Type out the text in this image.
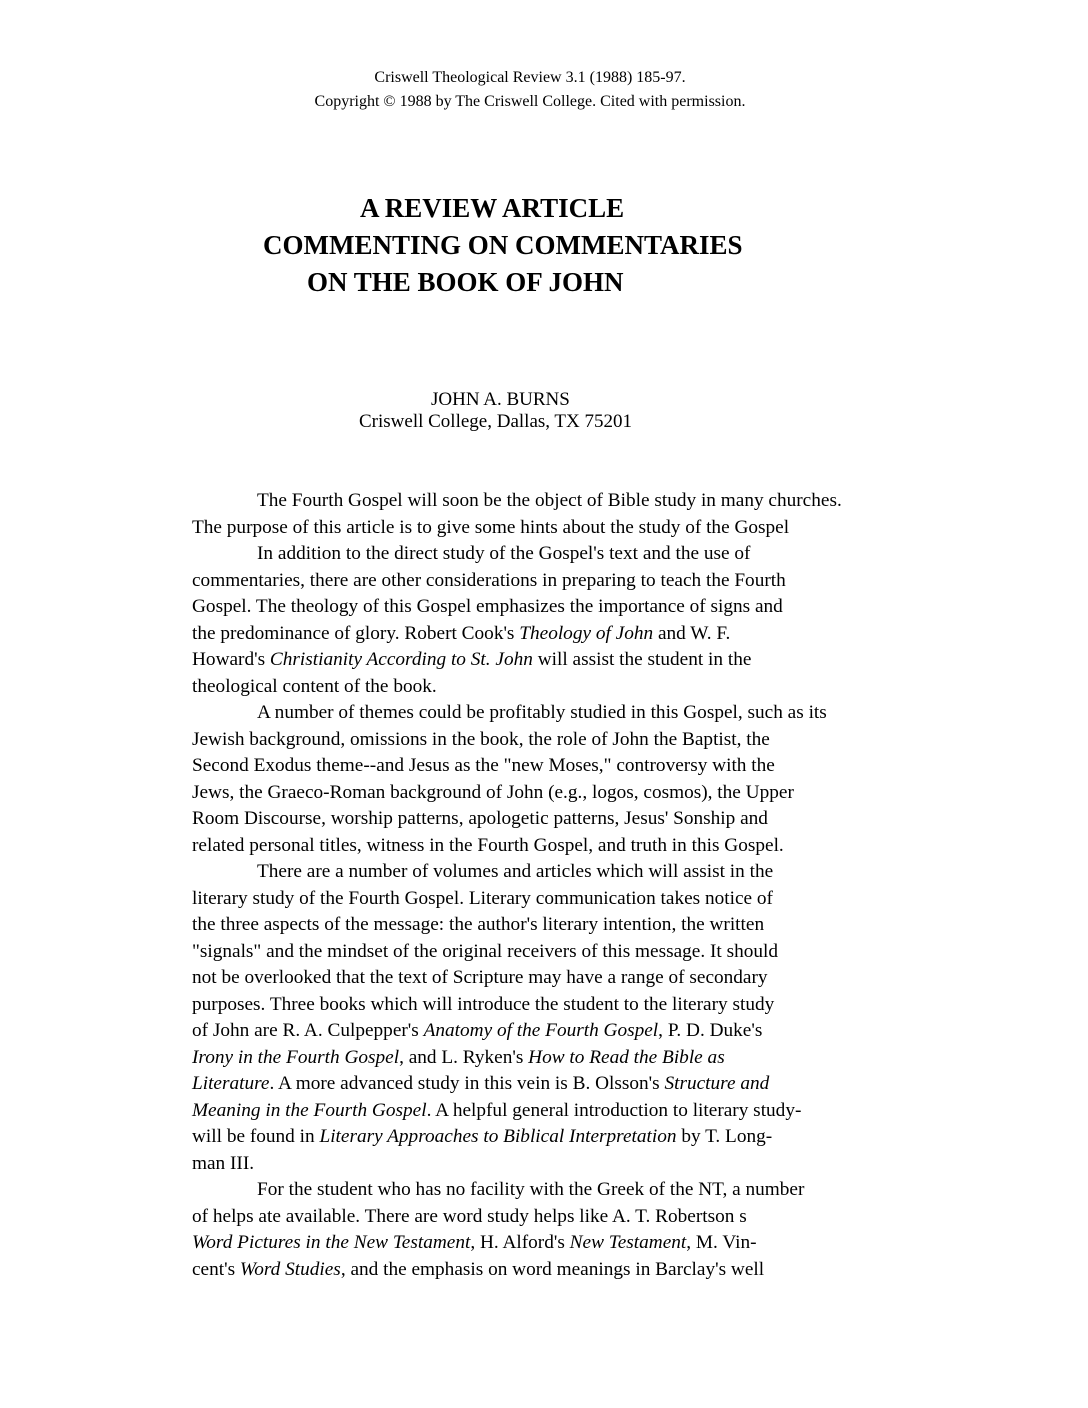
Criswell Theological Review 3.1 (1988) 185-97.
Copyright © 1988 by The Criswell College. Cited with permission.
A REVIEW ARTICLE
COMMENTING ON COMMENTARIES
ON THE BOOK OF JOHN
JOHN A. BURNS
Criswell College, Dallas, TX 75201
The Fourth Gospel will soon be the object of Bible study in many churches.
The purpose of this article is to give some hints about the study of the Gospel
In addition to the direct study of the Gospel's text and the use of
commentaries, there are other considerations in preparing to teach the Fourth
Gospel. The theology of this Gospel emphasizes the importance of signs and
the predominance of glory. Robert Cook's Theology of John and W. F.
Howard's Christianity According to St. John will assist the student in the
theological content of the book.
A number of themes could be profitably studied in this Gospel, such as its
Jewish background, omissions in the book, the role of John the Baptist, the
Second Exodus theme--and Jesus as the "new Moses," controversy with the
Jews, the Graeco-Roman background of John (e.g., logos, cosmos), the Upper
Room Discourse, worship patterns, apologetic patterns, Jesus' Sonship and
related personal titles, witness in the Fourth Gospel, and truth in this Gospel.
There are a number of volumes and articles which will assist in the
literary study of the Fourth Gospel. Literary communication takes notice of
the three aspects of the message: the author's literary intention, the written
"signals" and the mindset of the original receivers of this message. It should
not be overlooked that the text of Scripture may have a range of secondary
purposes. Three books which will introduce the student to the literary study
of John are R. A. Culpepper's Anatomy of the Fourth Gospel, P. D. Duke's
Irony in the Fourth Gospel, and L. Ryken's How to Read the Bible as
Literature. A more advanced study in this vein is B. Olsson's Structure and
Meaning in the Fourth Gospel. A helpful general introduction to literary study-
will be found in Literary Approaches to Biblical Interpretation by T. Long-
man III.
For the student who has no facility with the Greek of the NT, a number
of helps ate available. There are word study helps like A. T. Robertson s
Word Pictures in the New Testament, H. Alford's New Testament, M. Vin-
cent's Word Studies, and the emphasis on word meanings in Barclay's well
